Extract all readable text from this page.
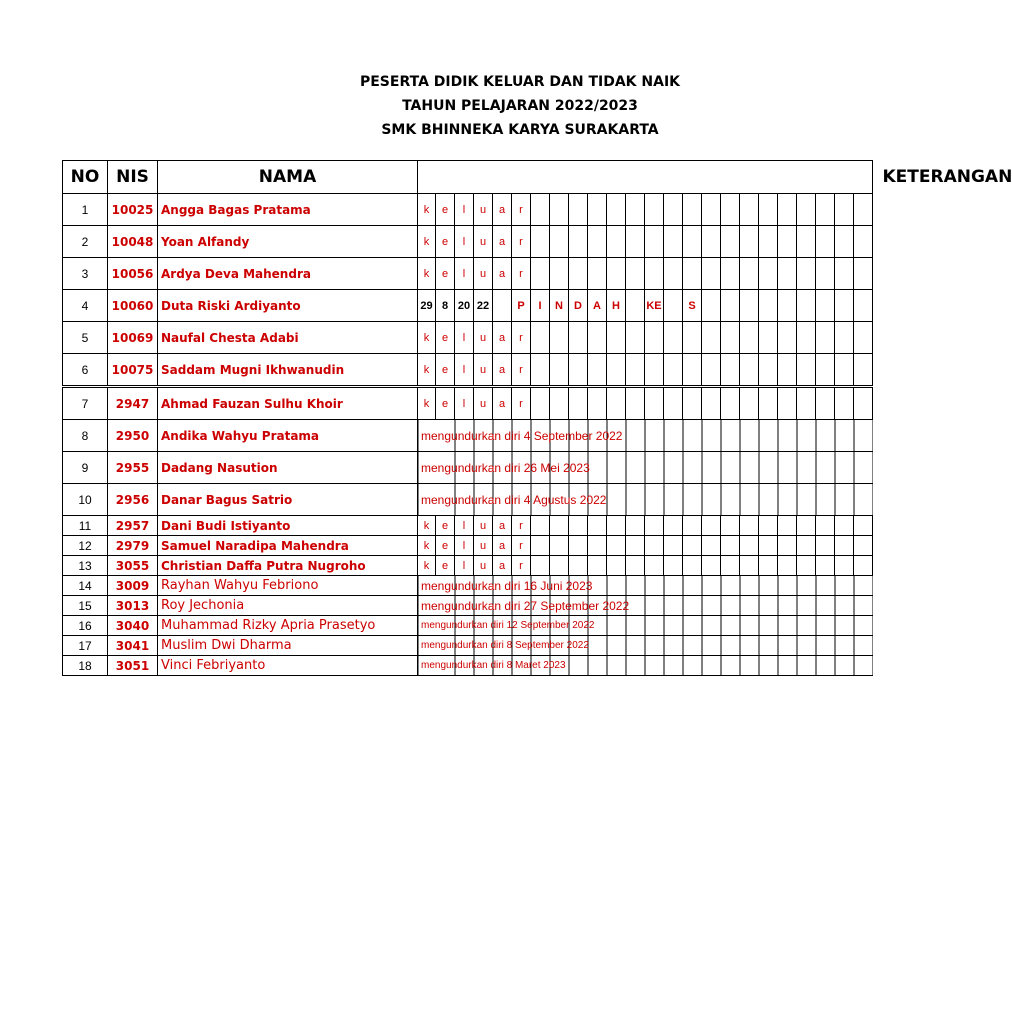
PESERTA DIDIK KELUAR DAN TIDAK NAIK
TAHUN PELAJARAN 2022/2023
SMK BHINNEKA KARYA SURAKARTA
NO	NIS	NAMA	KETERANGAN																							
1	10025	Angga Bagas Pratama	k	e	l	u	a	r																		
2	10048	Yoan Alfandy	k	e	l	u	a	r																		
3	10056	Ardya Deva Mahendra	k	e	l	u	a	r																		
4	10060	Duta Riski Ardiyanto	29	8	20	22		P	I	N	D	A	H		KE		S									
5	10069	Naufal Chesta Adabi	k	e	l	u	a	r																		
6	10075	Saddam Mugni Ikhwanudin	k	e	l	u	a	r																		
7	2947	Ahmad Fauzan Sulhu Khoir	k	e	l	u	a	r																		
8	2950	Andika Wahyu Pratama	mengundurkan diri 4 September 2022																							
9	2955	Dadang Nasution	mengundurkan diri 26 Mei 2023																							
10	2956	Danar Bagus Satrio	mengundurkan diri 4 Agustus 2022																							
11	2957	Dani Budi Istiyanto	k	e	l	u	a	r																		
12	2979	Samuel Naradipa Mahendra	k	e	l	u	a	r																		
13	3055	Christian Daffa Putra Nugroho	k	e	l	u	a	r																		
14	3009	Rayhan Wahyu Febriono	mengundurkan diri 16 Juni 2023																							
15	3013	Roy Jechonia	mengundurkan diri 27 September 2022																							
16	3040	Muhammad Rizky Apria Prasetyo	mengundurkan diri 12 September 2022																							
17	3041	Muslim Dwi Dharma	mengundurkan diri 8 September 2022																							
18	3051	Vinci Febriyanto	mengundurkan diri 8 Maret 2023																							
